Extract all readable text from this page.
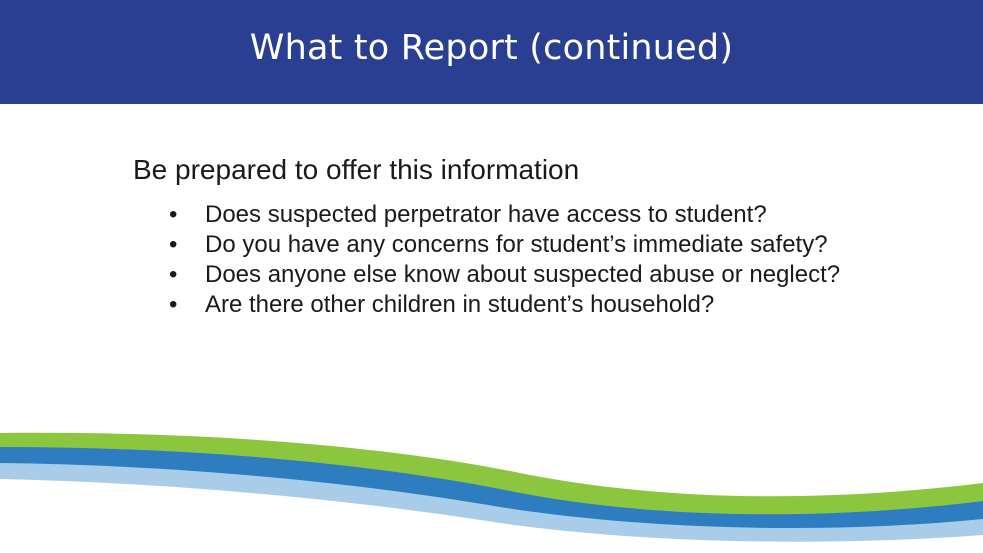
What to Report (continued)

Be prepared to offer this information

•	Does suspected perpetrator have access to student?
•	Do you have any concerns for student’s immediate safety?
•	Does anyone else know about suspected abuse or neglect?
•	Are there other children in student’s household?
